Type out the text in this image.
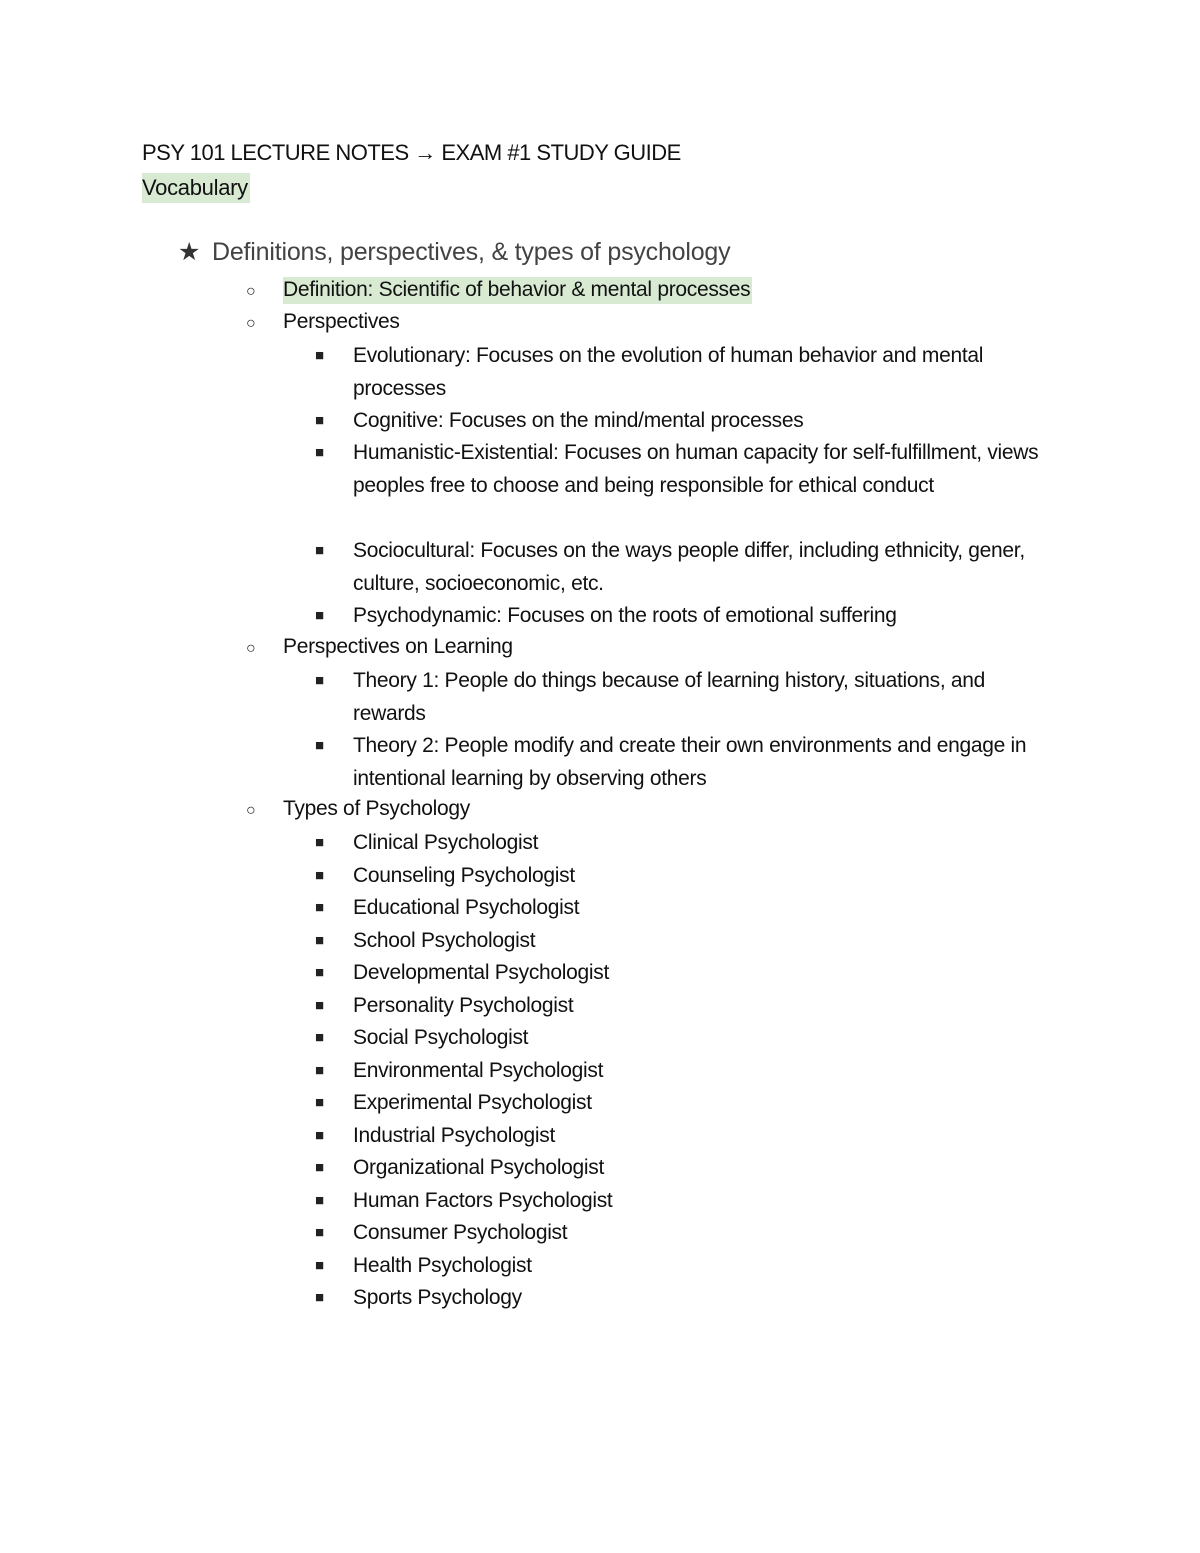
PSY 101 LECTURE NOTES → EXAM #1 STUDY GUIDE
Vocabulary
★ Definitions, perspectives, & types of psychology
○ Definition: Scientific of behavior & mental processes
○ Perspectives
■ Evolutionary: Focuses on the evolution of human behavior and mental processes
■ Cognitive: Focuses on the mind/mental processes
■ Humanistic-Existential: Focuses on human capacity for self-fulfillment, views peoples free to choose and being responsible for ethical conduct
■ Sociocultural: Focuses on the ways people differ, including ethnicity, gener, culture, socioeconomic, etc.
■ Psychodynamic: Focuses on the roots of emotional suffering
○ Perspectives on Learning
■ Theory 1: People do things because of learning history, situations, and rewards
■ Theory 2: People modify and create their own environments and engage in intentional learning by observing others
○ Types of Psychology
■ Clinical Psychologist
■ Counseling Psychologist
■ Educational Psychologist
■ School Psychologist
■ Developmental Psychologist
■ Personality Psychologist
■ Social Psychologist
■ Environmental Psychologist
■ Experimental Psychologist
■ Industrial Psychologist
■ Organizational Psychologist
■ Human Factors Psychologist
■ Consumer Psychologist
■ Health Psychologist
■ Sports Psychology
